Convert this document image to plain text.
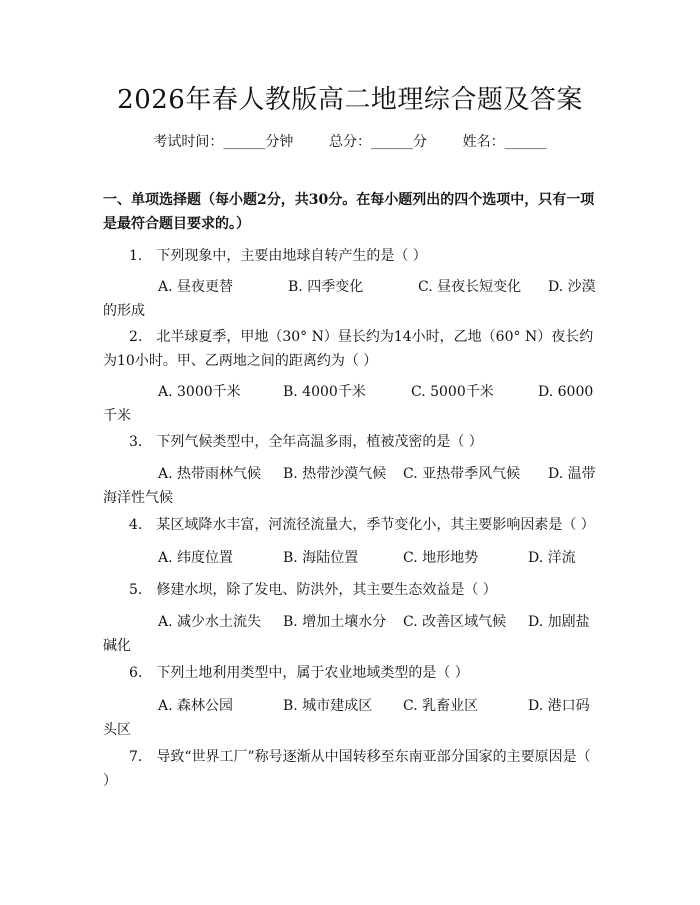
2026年春人教版高二地理综合题及答案
考试时间：______分钟	总分：______分	姓名：______
一、单项选择题（每小题2分，共30分。在每小题列出的四个选项中，只有一项是最符合题目要求的。）
1.　下列现象中，主要由地球自转产生的是（ ）
A. 昼夜更替	B. 四季变化	C. 昼夜长短变化 D. 沙漠
的形成
2.　北半球夏季，甲地（30° N）昼长约为14小时，乙地（60° N）夜长约为10小时。甲、乙两地之间的距离约为（ ）
A. 3000千米	B. 4000千米	C. 5000千米	D. 6000
千米
3.　下列气候类型中，全年高温多雨，植被茂密的是（ ）
A. 热带雨林气候 B. 热带沙漠气候 C. 亚热带季风气候 D. 温带
海洋性气候
4.　某区域降水丰富，河流径流量大，季节变化小，其主要影响因素是（ ）
A. 纬度位置	B. 海陆位置	C. 地形地势	D. 洋流
5.　修建水坝，除了发电、防洪外，其主要生态效益是（ ）
A. 减少水土流失 B. 增加土壤水分 C. 改善区域气候 D. 加剧盐
碱化
6.　下列土地利用类型中，属于农业地域类型的是（ ）
A. 森林公园	B. 城市建成区 C. 乳畜业区	D. 港口码
头区
7.　导致“世界工厂”称号逐渐从中国转移至东南亚部分国家的主要原因是（ ）
